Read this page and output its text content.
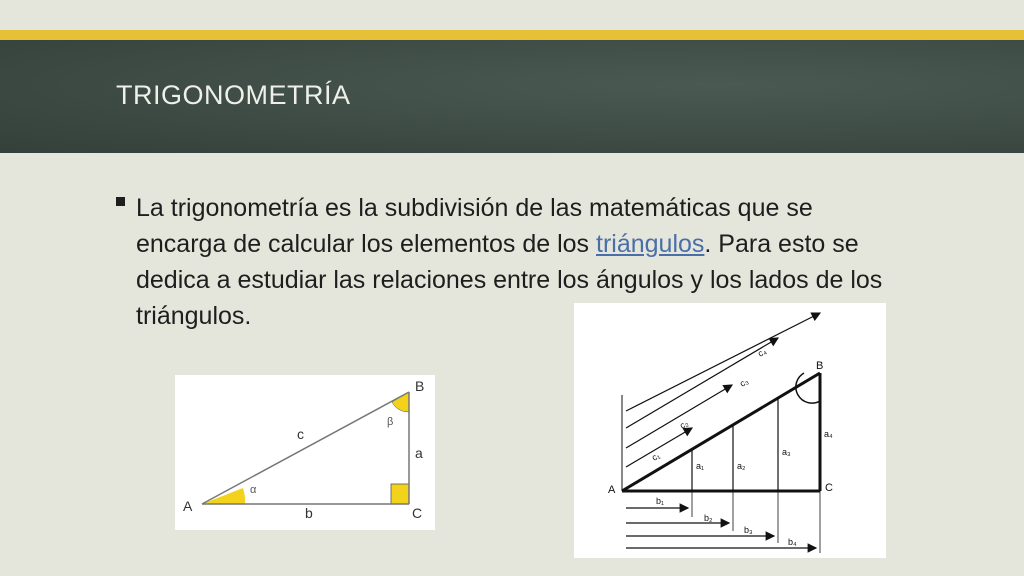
TRIGONOMETRÍA
La trigonometría es la subdivisión de las matemáticas que se encarga de calcular los elementos de los triángulos. Para esto se dedica a estudiar las relaciones entre los ángulos y los lados de los triángulos.
A
B
C
a
b
c
α
β
A
B
C
c₁
c₂
c₃
c₄
a₁	a₂
a₃
a₄
b₁
b₂
b₃
b₄
